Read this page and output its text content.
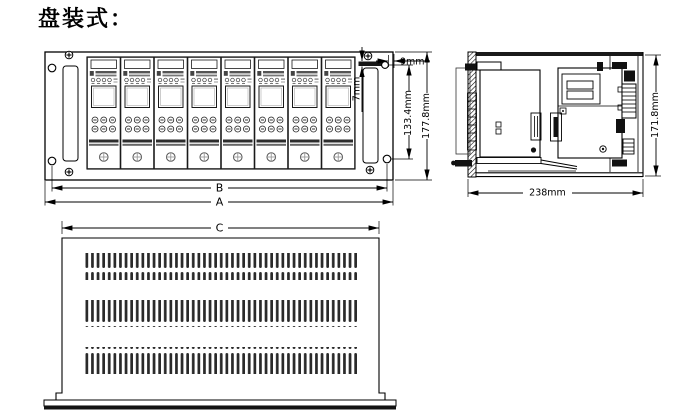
盘装式：
9mm
7mm
133.4mm 177.8mm
B
A
238mm
171.8mm
C
